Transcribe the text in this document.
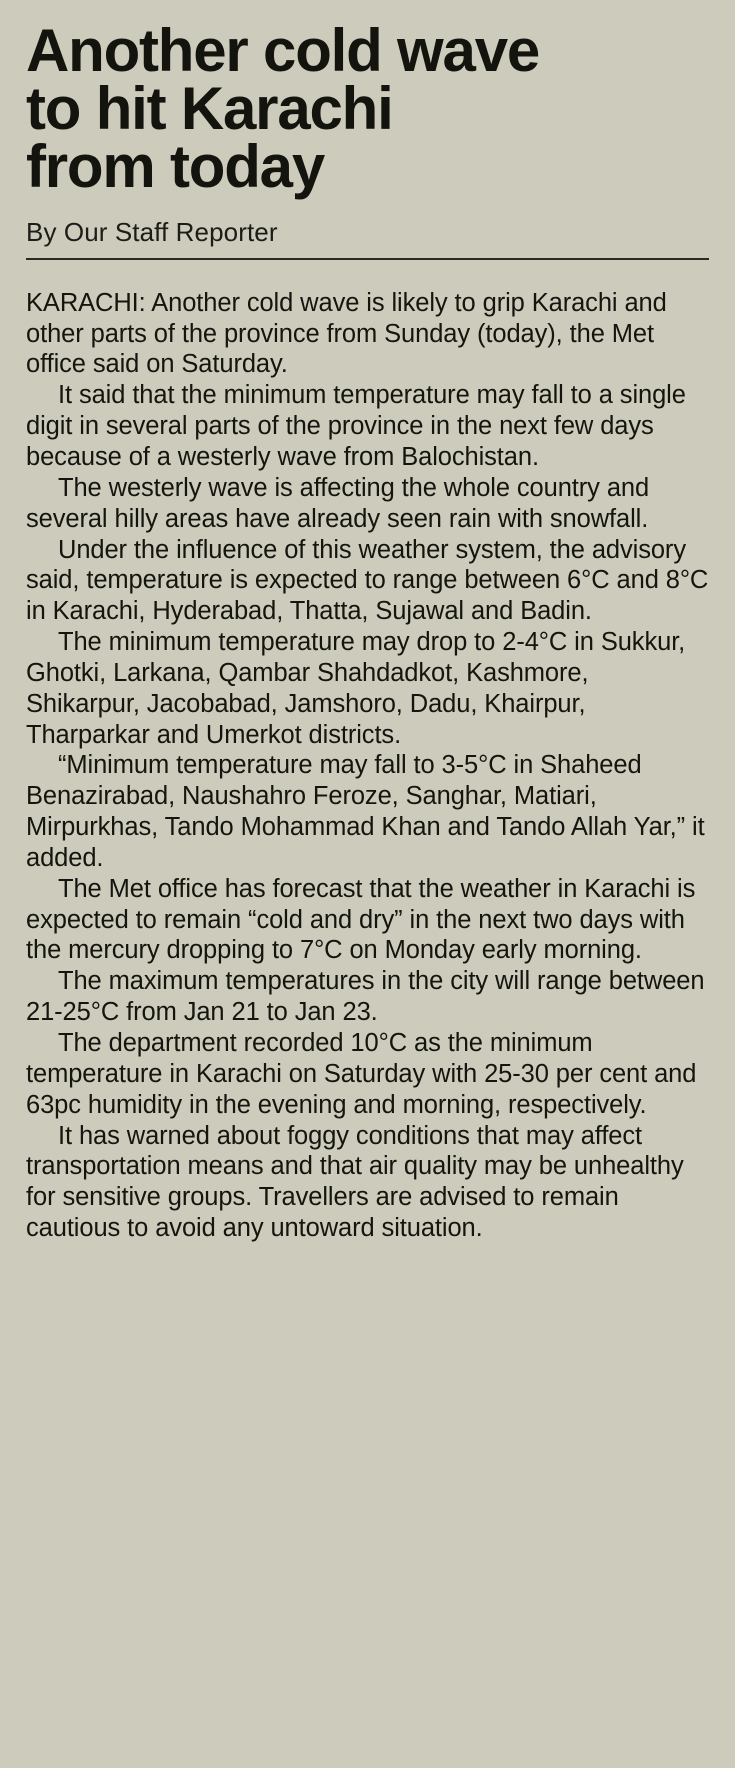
Another cold wave
to hit Karachi
from today
By Our Staff Reporter

KARACHI: Another cold wave is likely to grip Karachi and other parts of the province from Sunday (today), the Met office said on Saturday.

It said that the minimum temperature may fall to a single digit in several parts of the province in the next few days because of a westerly wave from Balochistan.

The westerly wave is affecting the whole country and several hilly areas have already seen rain with snowfall.

Under the influence of this weather system, the advisory said, temperature is expected to range between 6°C and 8°C in Karachi, Hyderabad, Thatta, Sujawal and Badin.

The minimum temperature may drop to 2-4°C in Sukkur, Ghotki, Larkana, Qambar Shahdadkot, Kashmore, Shikarpur, Jacobabad, Jamshoro, Dadu, Khairpur, Tharparkar and Umerkot districts.

“Minimum temperature may fall to 3-5°C in Shaheed Benazirabad, Naushahro Feroze, Sanghar, Matiari, Mirpurkhas, Tando Mohammad Khan and Tando Allah Yar,” it added.

The Met office has forecast that the weather in Karachi is expected to remain “cold and dry” in the next two days with the mercury dropping to 7°C on Monday early morning.

The maximum temperatures in the city will range between 21-25°C from Jan 21 to Jan 23.

The department recorded 10°C as the minimum temperature in Karachi on Saturday with 25-30 per cent and 63pc humidity in the evening and morning, respectively.

It has warned about foggy conditions that may affect transportation means and that air quality may be unhealthy for sensitive groups. Travellers are advised to remain cautious to avoid any untoward situation.
